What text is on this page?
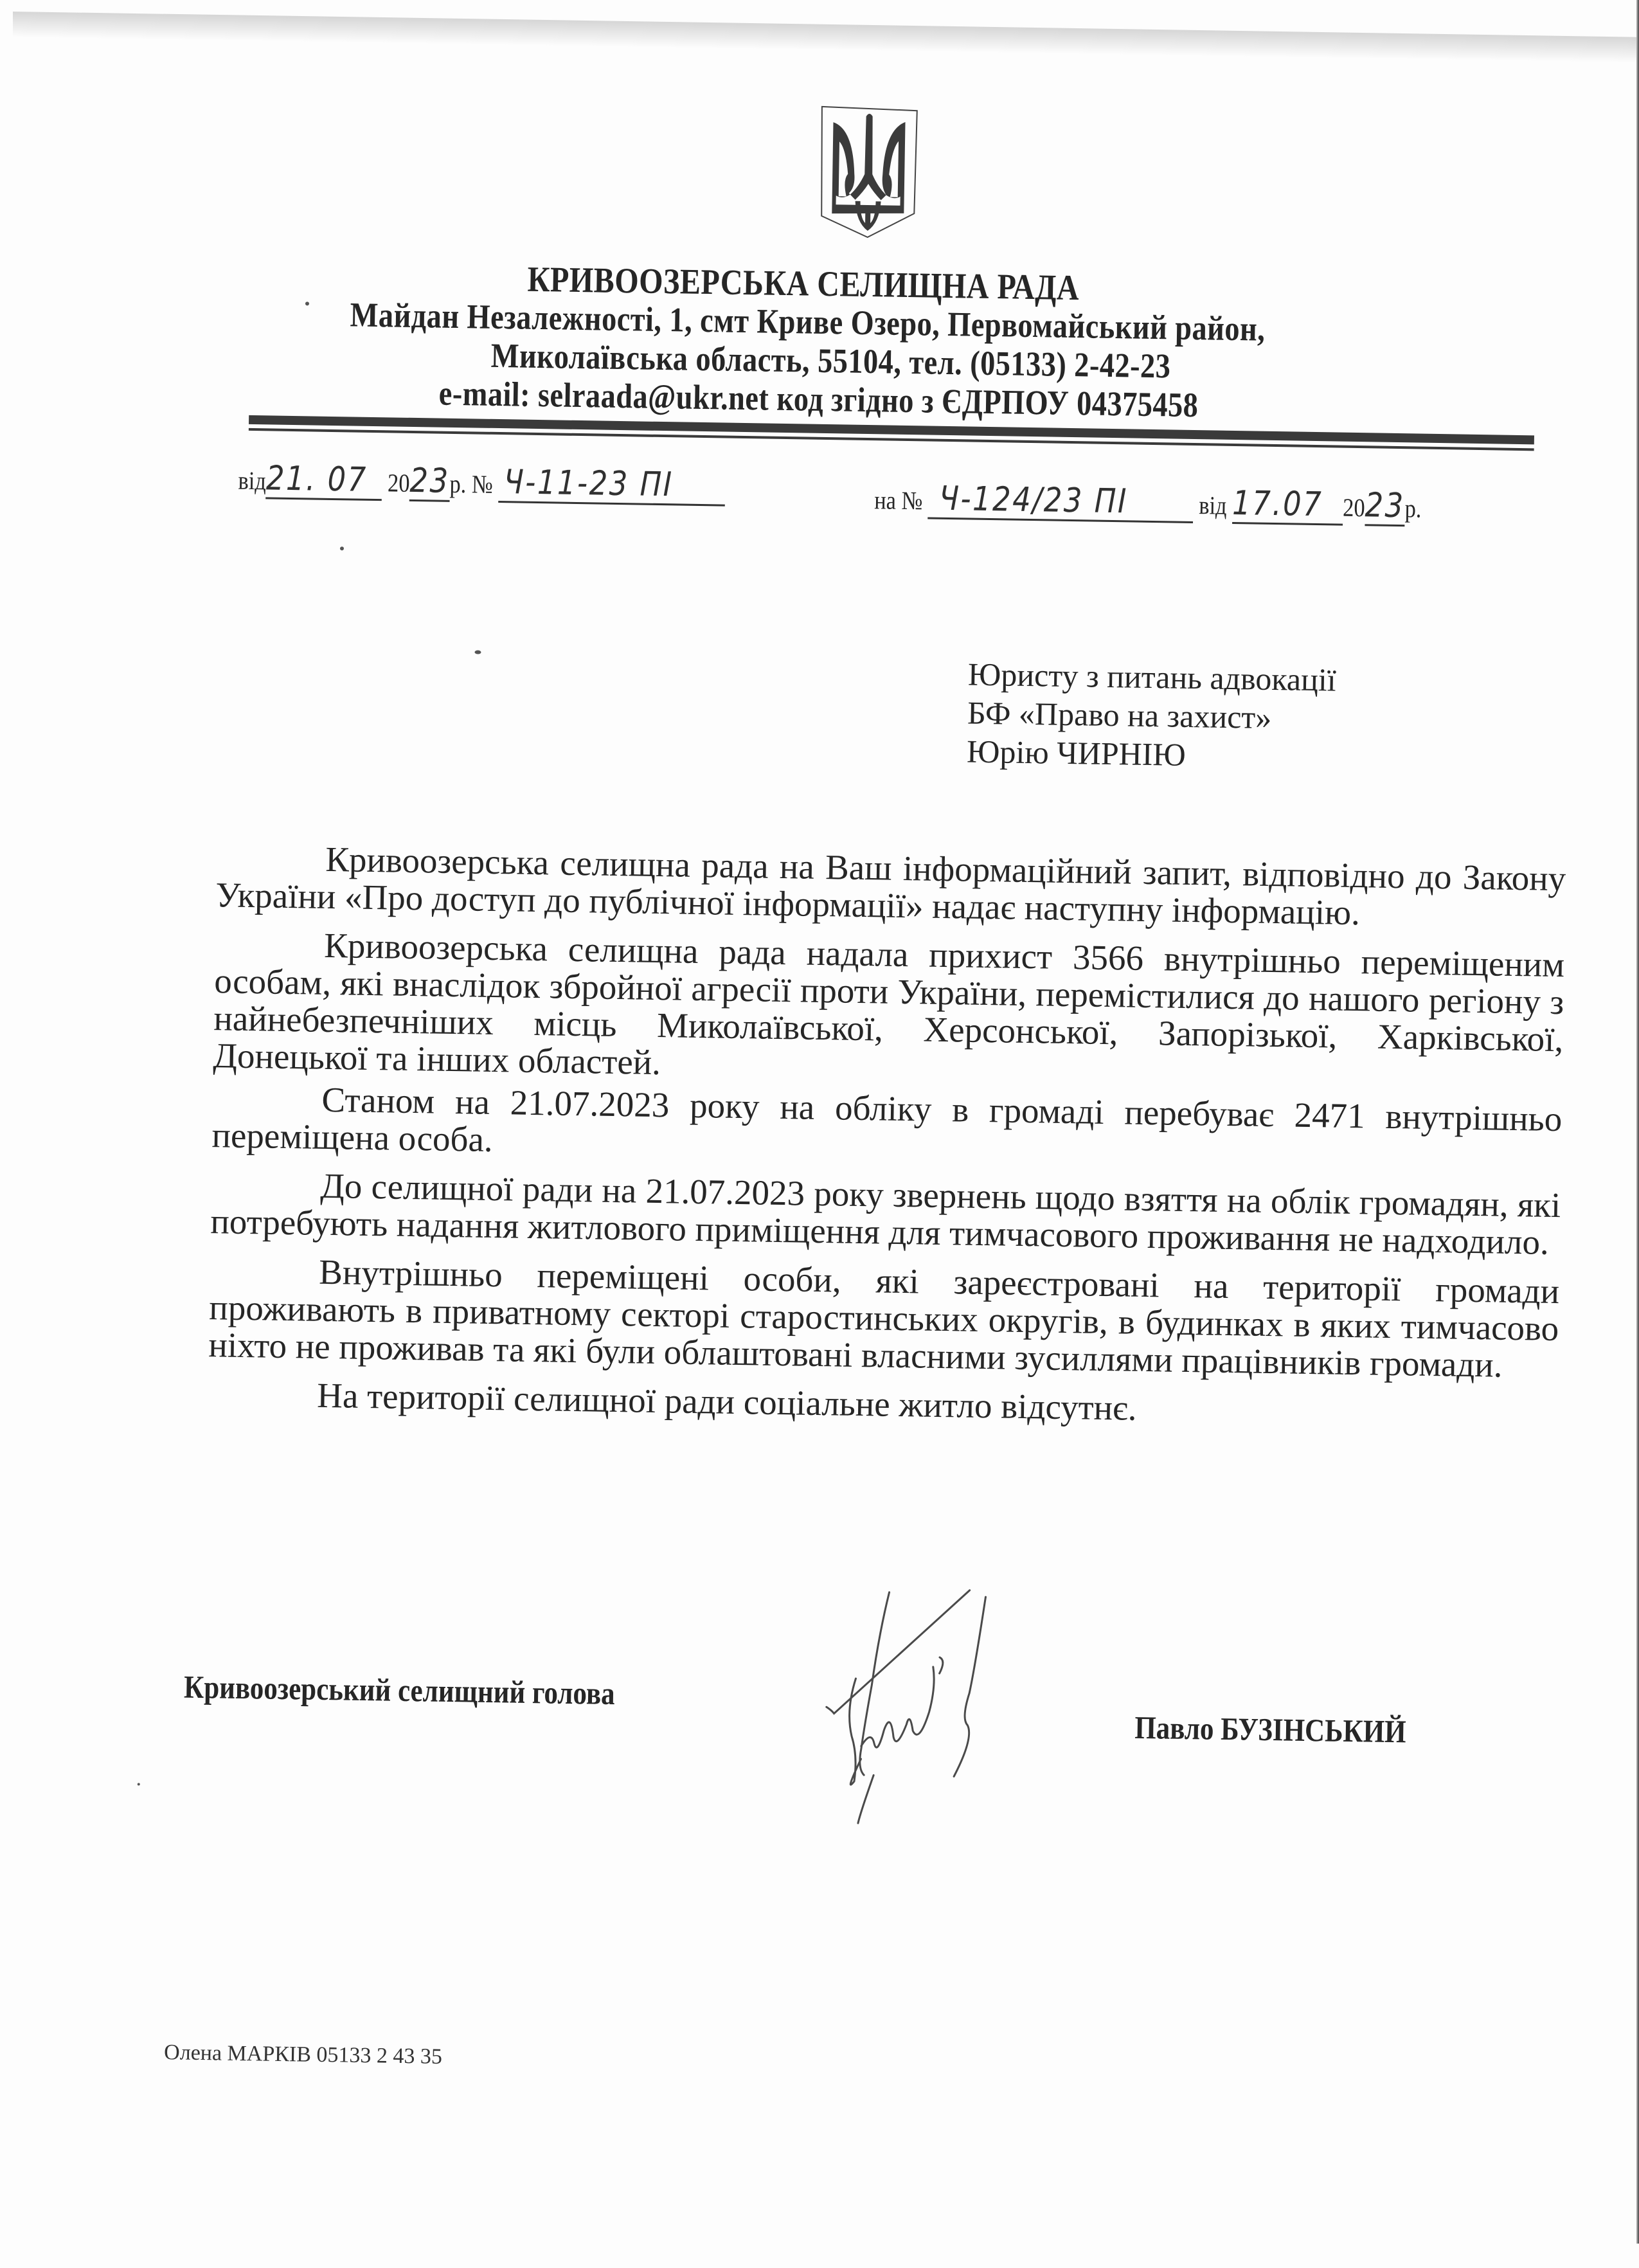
КРИВООЗЕРСЬКА СЕЛИЩНА РАДА
Майдан Незалежності, 1, смт Криве Озеро, Первомайський район,
Миколаївська область, 55104, тел. (05133) 2-42-23
e-mail: selraada@ukr.net код згідно з ЄДРПОУ 04375458
від21. 07 2023р. № Ч-11-23 ПІ	на № Ч-124/23 ПІ	від 17.07 2023р.
Юристу з питань адвокації
БФ «Право на захист»
Юрію ЧИРНІЮ

Кривоозерська селищна рада на Ваш інформаційний запит, відповідно до Закону України «Про доступ до публічної інформації» надає наступну інформацію.

Кривоозерська селищна рада надала прихист 3566 внутрішньо переміщеним особам, які внаслідок збройної агресії проти України, перемістилися до нашого регіону з найнебезпечніших місць Миколаївської, Херсонської, Запорізької, Харківської, Донецької та інших областей.

Станом на 21.07.2023 року на обліку в громаді перебуває 2471 внутрішньо переміщена особа.

До селищної ради на 21.07.2023 року звернень щодо взяття на облік громадян, які потребують надання житлового приміщення для тимчасового проживання не надходило.

Внутрішньо переміщені особи, які зареєстровані на території громади проживають в приватному секторі старостинських округів, в будинках в яких тимчасово ніхто не проживав та які були облаштовані власними зусиллями працівників громади.

На території селищної ради соціальне житло відсутнє.

Кривоозерський селищний голова
Павло БУЗІНСЬКИЙ
Олена МАРКІВ 05133 2 43 35
